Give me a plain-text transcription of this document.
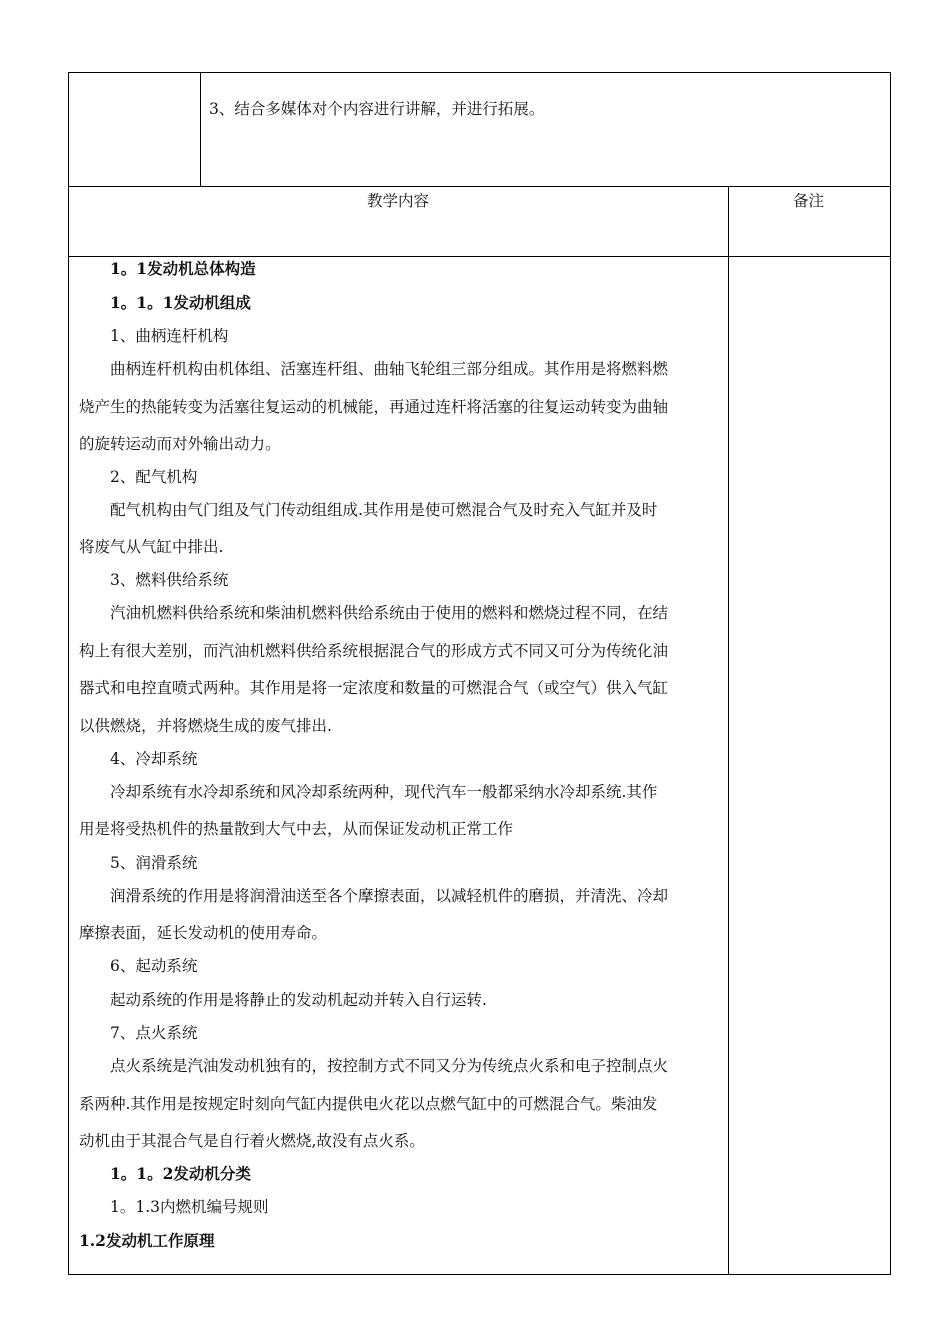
3、结合多媒体对个内容进行讲解，并进行拓展。
教学内容	备注
1。1发动机总体构造
1。1。1发动机组成
1、曲柄连杆机构
曲柄连杆机构由机体组、活塞连杆组、曲轴飞轮组三部分组成。其作用是将燃料燃
烧产生的热能转变为活塞往复运动的机械能，再通过连杆将活塞的往复运动转变为曲轴
的旋转运动而对外输出动力。
2、配气机构
配气机构由气门组及气门传动组组成.其作用是使可燃混合气及时充入气缸并及时
将废气从气缸中排出.
3、燃料供给系统
汽油机燃料供给系统和柴油机燃料供给系统由于使用的燃料和燃烧过程不同，在结
构上有很大差别，而汽油机燃料供给系统根据混合气的形成方式不同又可分为传统化油
器式和电控直喷式两种。其作用是将一定浓度和数量的可燃混合气（或空气）供入气缸
以供燃烧，并将燃烧生成的废气排出.
4、冷却系统
冷却系统有水冷却系统和风冷却系统两种，现代汽车一般都采纳水冷却系统.其作
用是将受热机件的热量散到大气中去，从而保证发动机正常工作
5、润滑系统
润滑系统的作用是将润滑油送至各个摩擦表面，以减轻机件的磨损，并清洗、冷却
摩擦表面，延长发动机的使用寿命。
6、起动系统
起动系统的作用是将静止的发动机起动并转入自行运转.
7、点火系统
点火系统是汽油发动机独有的，按控制方式不同又分为传统点火系和电子控制点火
系两种.其作用是按规定时刻向气缸内提供电火花以点燃气缸中的可燃混合气。柴油发
动机由于其混合气是自行着火燃烧,故没有点火系。
1。1。2发动机分类
1。1.3内燃机编号规则
1.2发动机工作原理
